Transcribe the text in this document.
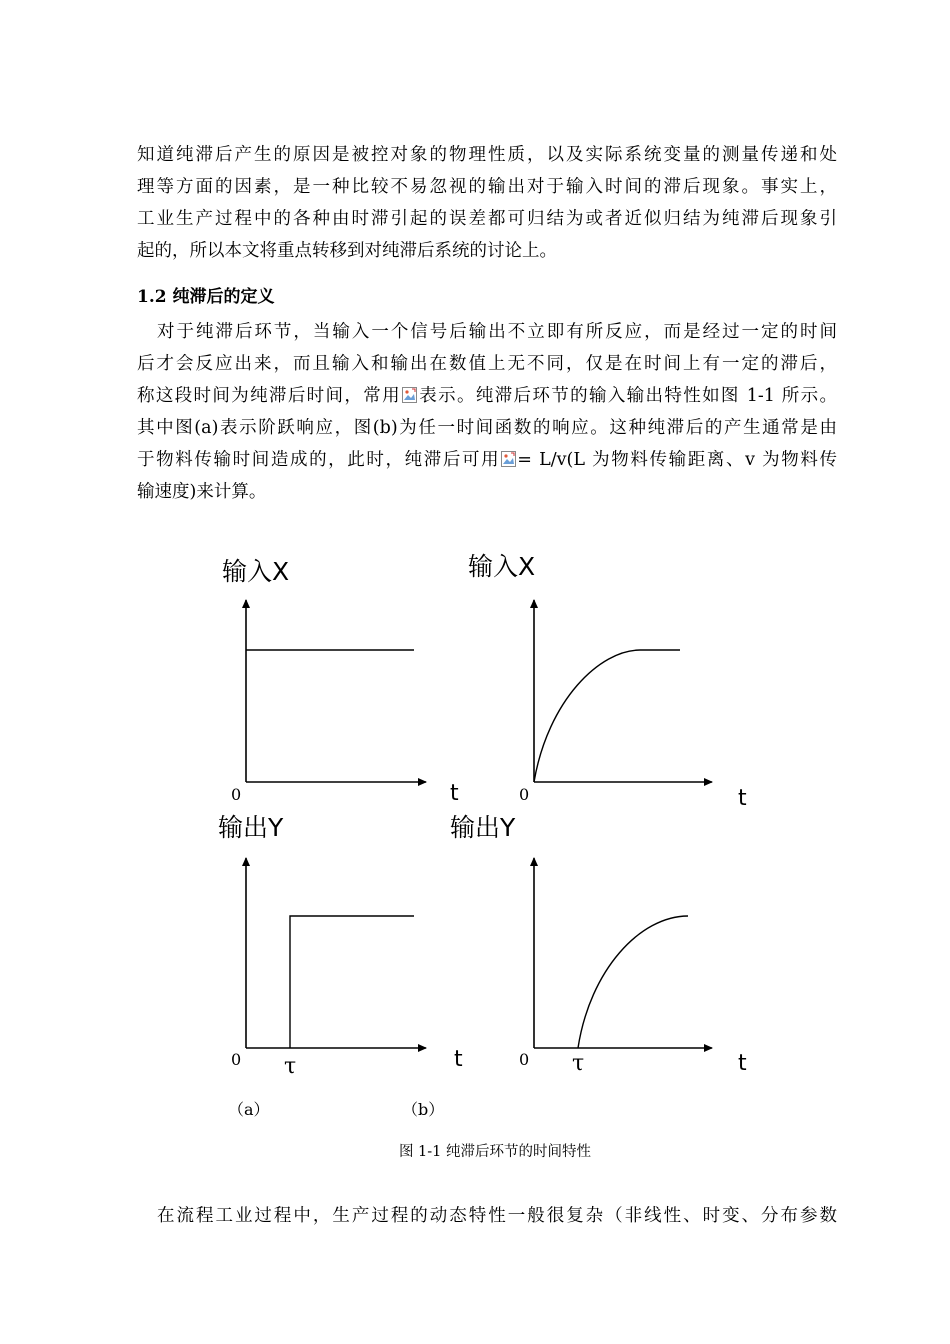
知道纯滞后产生的原因是被控对象的物理性质，以及实际系统变量的测量传递和处
理等方面的因素，是一种比较不易忽视的输出对于输入时间的滞后现象。事实上，
工业生产过程中的各种由时滞引起的误差都可归结为或者近似归结为纯滞后现象引
起的，所以本文将重点转移到对纯滞后系统的讨论上。
1.2 纯滞后的定义
对于纯滞后环节，当输入一个信号后输出不立即有所反应，而是经过一定的时间
后才会反应出来，而且输入和输出在数值上无不同，仅是在时间上有一定的滞后，
称这段时间为纯滞后时间，常用 表示。纯滞后环节的输入输出特性如图 1-1 所示。
其中图(a)表示阶跃响应，图(b)为任一时间函数的响应。这种纯滞后的产生通常是由
于物料传输时间造成的，此时，纯滞后可用 = L/v(L 为物料传输距离、v 为物料传
输速度)来计算。
输入X
0	t
输入X
0	t
输出Y
0 τ	t
输出Y
0 τ	t
（a）	（b）
图 1-1 纯滞后环节的时间特性
在流程工业过程中，生产过程的动态特性一般很复杂（非线性、时变、分布参数
